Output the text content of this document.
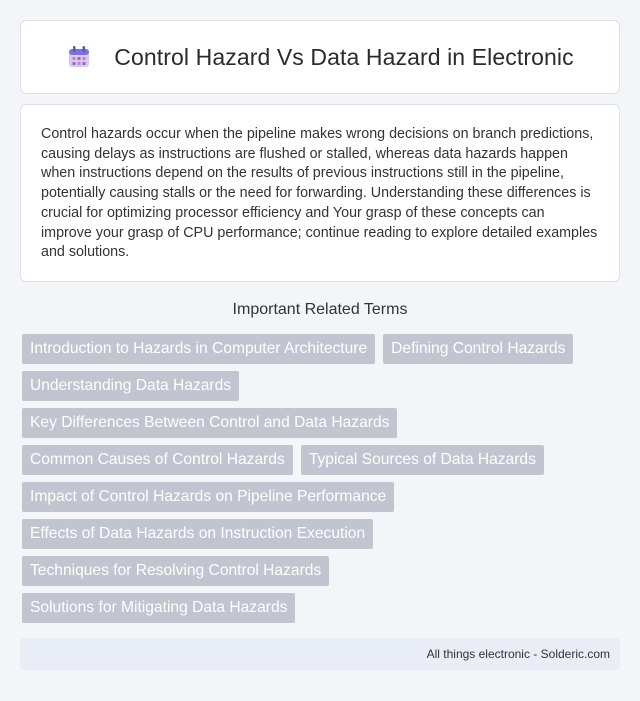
Control Hazard Vs Data Hazard in Electronic

Control hazards occur when the pipeline makes wrong decisions on branch predictions, causing delays as instructions are flushed or stalled, whereas data hazards happen when instructions depend on the results of previous instructions still in the pipeline, potentially causing stalls or the need for forwarding. Understanding these differences is crucial for optimizing processor efficiency and Your grasp of these concepts can improve your grasp of CPU performance; continue reading to explore detailed examples and solutions.

Important Related Terms
Introduction to Hazards in Computer Architecture	Defining Control Hazards
Understanding Data Hazards
Key Differences Between Control and Data Hazards
Common Causes of Control Hazards	Typical Sources of Data Hazards
Impact of Control Hazards on Pipeline Performance
Effects of Data Hazards on Instruction Execution
Techniques for Resolving Control Hazards
Solutions for Mitigating Data Hazards
All things electronic - Solderic.com
